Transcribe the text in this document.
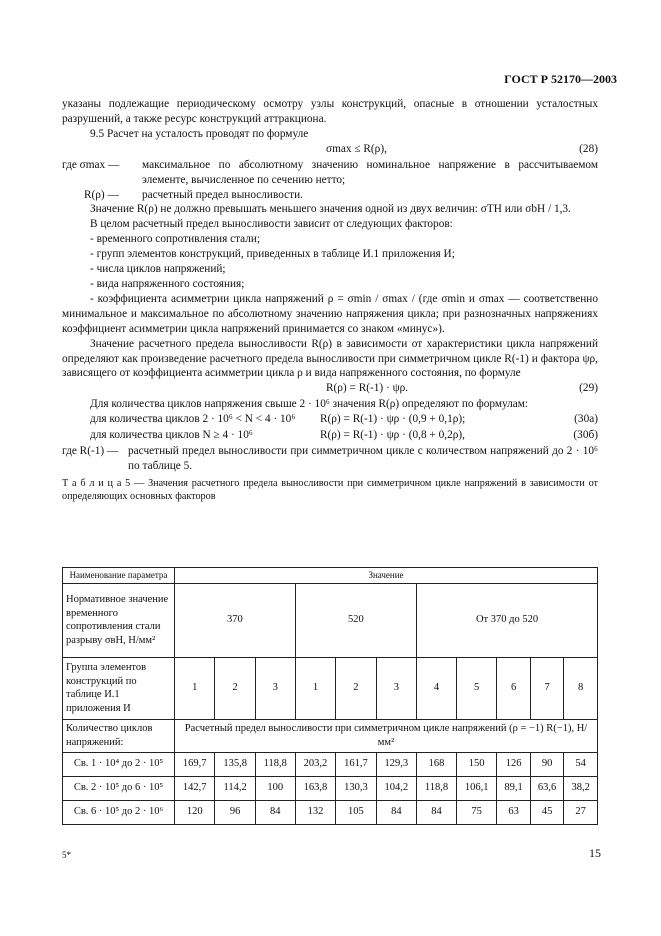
ГОСТ Р 52170—2003

указаны подлежащие периодическому осмотру узлы конструкций, опасные в отношении усталостных разрушений, а также ресурс конструкций аттракциона.

9.5 Расчет на усталость проводят по формуле

σmax ≤ R(ρ),	(28)
где σmax —	максимальное по абсолютному значению номинальное напряжение в рассчитываемом элементе, вычисленное по сечению нетто;
R(ρ) —	расчетный предел выносливости.

Значение R(ρ) не должно превышать меньшего значения одной из двух величин: σTH или σbH / 1,3.

В целом расчетный предел выносливости зависит от следующих факторов:

- временного сопротивления стали;

- групп элементов конструкций, приведенных в таблице И.1 приложения И;

- числа циклов напряжений;

- вида напряженного состояния;

- коэффициента асимметрии цикла напряжений ρ = σmin / σmax / (где σmin и σmax — соответственно минимальное и максимальное по абсолютному значению напряжения цикла; при разнозначных напряжениях коэффициент асимметрии цикла напряжений принимается со знаком «минус»).

Значение расчетного предела выносливости R(ρ) в зависимости от характеристики цикла напряжений определяют как произведение расчетного предела выносливости при симметричном цикле R(-1) и фактора ψρ, зависящего от коэффициента асимметрии цикла ρ и вида напряженного состояния, по формуле

R(ρ) = R(-1) · ψρ.	(29)

Для количества циклов напряжения свыше 2 · 10⁶ значения R(ρ) определяют по формулам:

для количества циклов 2 · 10⁶ < N < 4 · 10⁶ R(ρ) = R(-1) · ψρ · (0,9 + 0,1ρ);	(30а)
для количества циклов N ≥ 4 · 10⁶	R(ρ) = R(-1) · ψρ · (0,8 + 0,2ρ),	(30б)
где R(-1) — расчетный предел выносливости при симметричном цикле с количеством напряжений до 2 · 10⁶ по таблице 5.

Т а б л и ц а 5 — Значения расчетного предела выносливости при симметричном цикле напряжений в зависимости от определяющих основных факторов

Наименование параметра	Значение										
Нормативное значение временного сопротивления стали разрыву σвН, Н/мм²	370			520			От 370 до 520				
Группа элементов конструкций по таблице И.1 приложения И	1	2	3	1	2	3	4	5	6	7	8
Количество циклов напряжений:	Расчетный предел выносливости при симметричном цикле напряжений (ρ = −1) R(−1), Н/мм²										
Св. 1 · 10⁴ до 2 · 10⁵	169,7	135,8	118,8	203,2	161,7	129,3	168	150	126	90	54
Св. 2 · 10⁵ до 6 · 10⁵	142,7	114,2	100	163,8	130,3	104,2	118,8	106,1	89,1	63,6	38,2
Св. 6 · 10⁵ до 2 · 10⁶	120	96	84	132	105	84	84	75	63	45	27
5*	15
